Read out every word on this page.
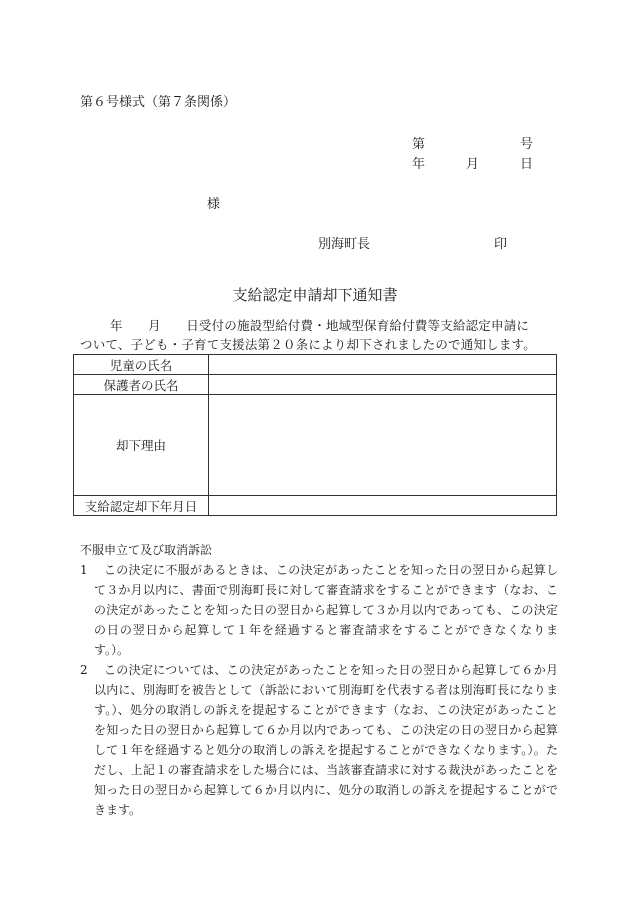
第６号様式（第７条関係）
第	号
年	月	日
様
別海町長	印
支給認定申請却下通知書
年　　月　　日受付の施設型給付費・地域型保育給付費等支給認定申請に
ついて、子ども・子育て支援法第２０条により却下されましたので通知します。
児童の氏名	
保護者の氏名	
却下理由	
支給認定却下年月日	
不服申立て及び取消訴訟
1	この決定に不服があるときは、この決定があったことを知った日の翌日から起算して３か月以内に、書面で別海町長に対して審査請求をすることができます（なお、この決定があったことを知った日の翌日から起算して３か月以内であっても、この決定の日の翌日から起算して１年を経過すると審査請求をすることができなくなります。）。

2	この決定については、この決定があったことを知った日の翌日から起算して６か月以内に、別海町を被告として（訴訟において別海町を代表する者は別海町長になります。）、処分の取消しの訴えを提起することができます（なお、この決定があったことを知った日の翌日から起算して６か月以内であっても、この決定の日の翌日から起算して１年を経過すると処分の取消しの訴えを提起することができなくなります。）。ただし、上記１の審査請求をした場合には、当該審査請求に対する裁決があったことを知った日の翌日から起算して６か月以内に、処分の取消しの訴えを提起することができます。
